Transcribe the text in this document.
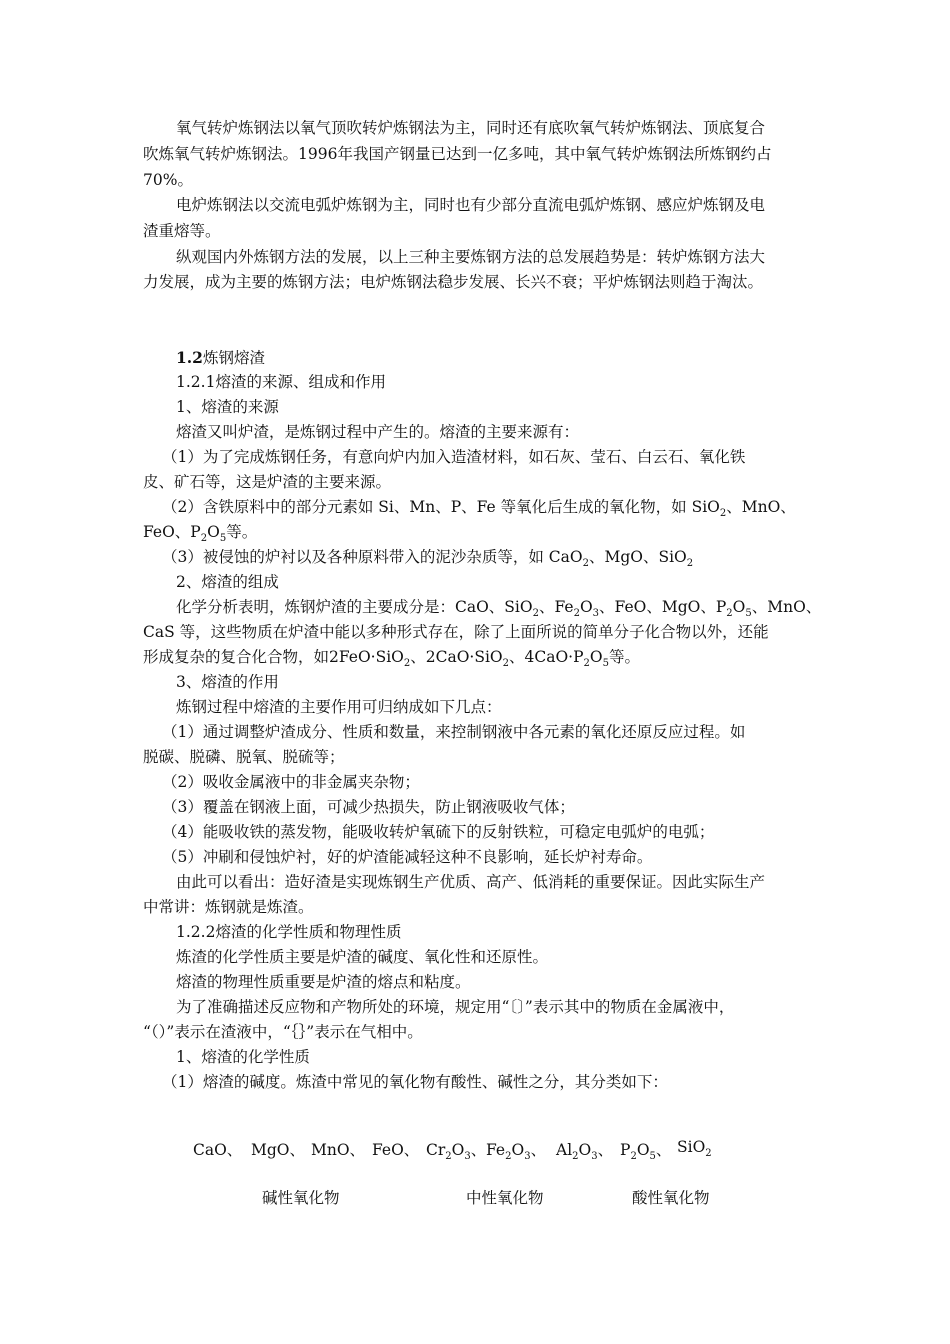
氧气转炉炼钢法以氧气顶吹转炉炼钢法为主，同时还有底吹氧气转炉炼钢法、顶底复合
吹炼氧气转炉炼钢法。1996年我国产钢量已达到一亿多吨，其中氧气转炉炼钢法所炼钢约占
70%。
电炉炼钢法以交流电弧炉炼钢为主，同时也有少部分直流电弧炉炼钢、感应炉炼钢及电
渣重熔等。
纵观国内外炼钢方法的发展，以上三种主要炼钢方法的总发展趋势是：转炉炼钢方法大
力发展，成为主要的炼钢方法；电炉炼钢法稳步发展、长兴不衰；平炉炼钢法则趋于淘汰。
1.2炼钢熔渣
1.2.1熔渣的来源、组成和作用
1、熔渣的来源
熔渣又叫炉渣，是炼钢过程中产生的。熔渣的主要来源有：
（1）为了完成炼钢任务，有意向炉内加入造渣材料，如石灰、莹石、白云石、氧化铁
皮、矿石等，这是炉渣的主要来源。
（2）含铁原料中的部分元素如 Si、Mn、P、Fe 等氧化后生成的氧化物，如 SiO$_2$、MnO、
FeO、$P_2O_5$等。
（3）被侵蚀的炉衬以及各种原料带入的泥沙杂质等，如 CaO$_2$、MgO、SiO$_2$
2、熔渣的组成
化学分析表明，炼钢炉渣的主要成分是：CaO、SiO$_2$、$Fe_2O_3$、FeO、MgO、$P_2O_5$、MnO、
CaS 等，这些物质在炉渣中能以多种形式存在，除了上面所说的简单分子化合物以外，还能
形成复杂的复合化合物，如2FeO·SiO$_2$、2CaO·SiO$_2$、$4CaO\cdot P_2O_5$等。
3、熔渣的作用
炼钢过程中熔渣的主要作用可归纳成如下几点：
（1）通过调整炉渣成分、性质和数量，来控制钢液中各元素的氧化还原反应过程。如
脱碳、脱磷、脱氧、脱硫等；
（2）吸收金属液中的非金属夹杂物；
（3）覆盖在钢液上面，可减少热损失，防止钢液吸收气体；
（4）能吸收铁的蒸发物，能吸收转炉氧硫下的反射铁粒，可稳定电弧炉的电弧；
（5）冲刷和侵蚀炉衬，好的炉渣能减轻这种不良影响，延长炉衬寿命。
由此可以看出：造好渣是实现炼钢生产优质、高产、低消耗的重要保证。因此实际生产
中常讲：炼钢就是炼渣。
1.2.2熔渣的化学性质和物理性质
炼渣的化学性质主要是炉渣的碱度、氧化性和还原性。
熔渣的物理性质重要是炉渣的熔点和粘度。
为了准确描述反应物和产物所处的环境，规定用“〔〕”表示其中的物质在金属液中，
“（）”表示在渣液中，“｛｝”表示在气相中。
1、熔渣的化学性质
（1）熔渣的碱度。炼渣中常见的氧化物有酸性、碱性之分，其分类如下：
CaO、 MgO、 MnO、 FeO、 $Cr_2O_3$、 $Fe_2O_3$、 $Al_2O_3$、 $P_2O_5$、 SiO$_2$
碱性氧化物	中性氧化物	酸性氧化物
